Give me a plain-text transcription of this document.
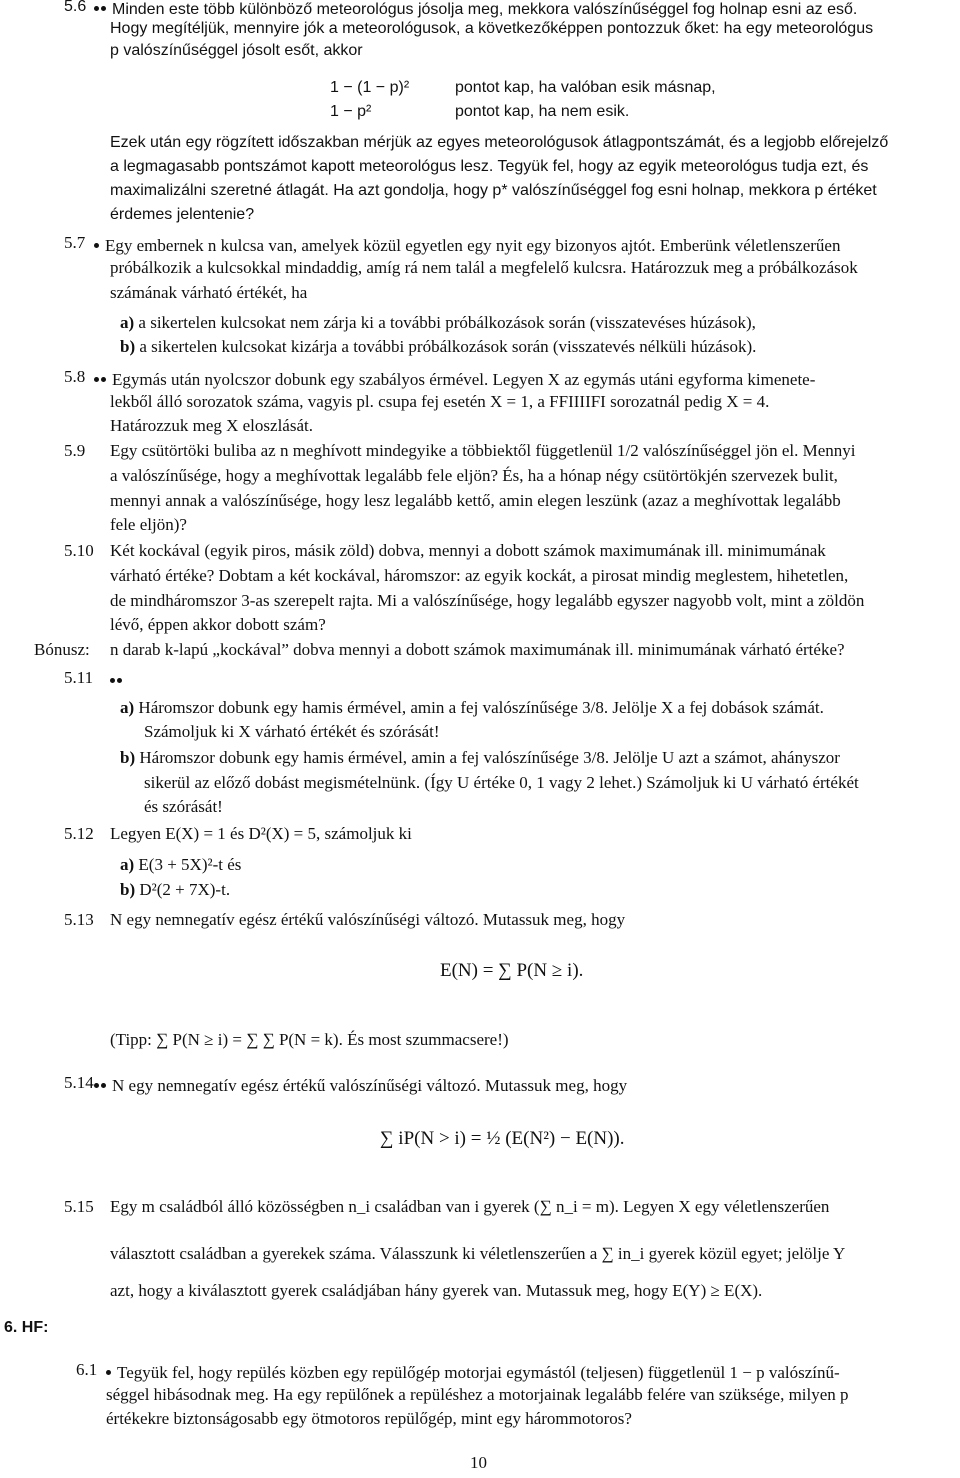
5.6	Minden este több különböző meteorológus jósolja meg, mekkora valószínűséggel fog holnap esni az eső.
Hogy megítéljük, mennyire jók a meteorológusok, a következőképpen pontozzuk őket: ha egy meteorológus
p valószínűséggel jósolt esőt, akkor
1 − (1 − p)²	pontot kap, ha valóban esik másnap,
1 − p²	pontot kap, ha nem esik.
Ezek után egy rögzített időszakban mérjük az egyes meteorológusok átlagpontszámát, és a legjobb előrejelző
a legmagasabb pontszámot kapott meteorológus lesz. Tegyük fel, hogy az egyik meteorológus tudja ezt, és
maximalizálni szeretné átlagát. Ha azt gondolja, hogy p* valószínűséggel fog esni holnap, mekkora p értéket
érdemes jelentenie?
5.7	Egy embernek n kulcsa van, amelyek közül egyetlen egy nyit egy bizonyos ajtót. Emberünk véletlenszerűen
próbálkozik a kulcsokkal mindaddig, amíg rá nem talál a megfelelő kulcsra. Határozzuk meg a próbálkozások
számának várható értékét, ha
a) a sikertelen kulcsokat nem zárja ki a további próbálkozások során (visszatevéses húzások),
b) a sikertelen kulcsokat kizárja a további próbálkozások során (visszatevés nélküli húzások).
5.8	Egymás után nyolcszor dobunk egy szabályos érmével. Legyen X az egymás utáni egyforma kimenete-
lekből álló sorozatok száma, vagyis pl. csupa fej esetén X = 1, a FFIIIIFI sorozatnál pedig X = 4.
Határozzuk meg X eloszlását.
5.9 Egy csütörtöki buliba az n meghívott mindegyike a többiektől függetlenül 1/2 valószínűséggel jön el. Mennyi
a valószínűsége, hogy a meghívottak legalább fele eljön? És, ha a hónap négy csütörtökjén szervezek bulit,
mennyi annak a valószínűsége, hogy lesz legalább kettő, amin elegen leszünk (azaz a meghívottak legalább
fele eljön)?
5.10 Két kockával (egyik piros, másik zöld) dobva, mennyi a dobott számok maximumának ill. minimumának
várható értéke? Dobtam a két kockával, háromszor: az egyik kockát, a pirosat mindig meglestem, hihetetlen,
de mindháromszor 3-as szerepelt rajta. Mi a valószínűsége, hogy legalább egyszer nagyobb volt, mint a zöldön
lévő, éppen akkor dobott szám?
Bónusz: n darab k-lapú „kockával” dobva mennyi a dobott számok maximumának ill. minimumának várható értéke?
5.11
a) Háromszor dobunk egy hamis érmével, amin a fej valószínűsége 3/8. Jelölje X a fej dobások számát.
Számoljuk ki X várható értékét és szórását!
b) Háromszor dobunk egy hamis érmével, amin a fej valószínűsége 3/8. Jelölje U azt a számot, ahányszor
sikerül az előző dobást megismételnünk. (Így U értéke 0, 1 vagy 2 lehet.) Számoljuk ki U várható értékét
és szórását!
5.12 Legyen E(X) = 1 és D²(X) = 5, számoljuk ki
a) E(3 + 5X)²-t és
b) D²(2 + 7X)-t.
5.13 N egy nemnegatív egész értékű valószínűségi változó. Mutassuk meg, hogy
E(N) = ∑ P(N ≥ i).
(Tipp: ∑ P(N ≥ i) = ∑ ∑ P(N = k). És most szummacsere!)
5.14	N egy nemnegatív egész értékű valószínűségi változó. Mutassuk meg, hogy
∑ iP(N > i) = ½ (E(N²) − E(N)).
5.15 Egy m családból álló közösségben n_i családban van i gyerek (∑ n_i = m). Legyen X egy véletlenszerűen
választott családban a gyerekek száma. Válasszunk ki véletlenszerűen a ∑ in_i gyerek közül egyet; jelölje Y
azt, hogy a kiválasztott gyerek családjában hány gyerek van. Mutassuk meg, hogy E(Y) ≥ E(X).
6. HF:
6.1	Tegyük fel, hogy repülés közben egy repülőgép motorjai egymástól (teljesen) függetlenül 1 − p valószínű-
séggel hibásodnak meg. Ha egy repülőnek a repüléshez a motorjainak legalább felére van szüksége, milyen p
értékekre biztonságosabb egy ötmotoros repülőgép, mint egy hárommotoros?
10
